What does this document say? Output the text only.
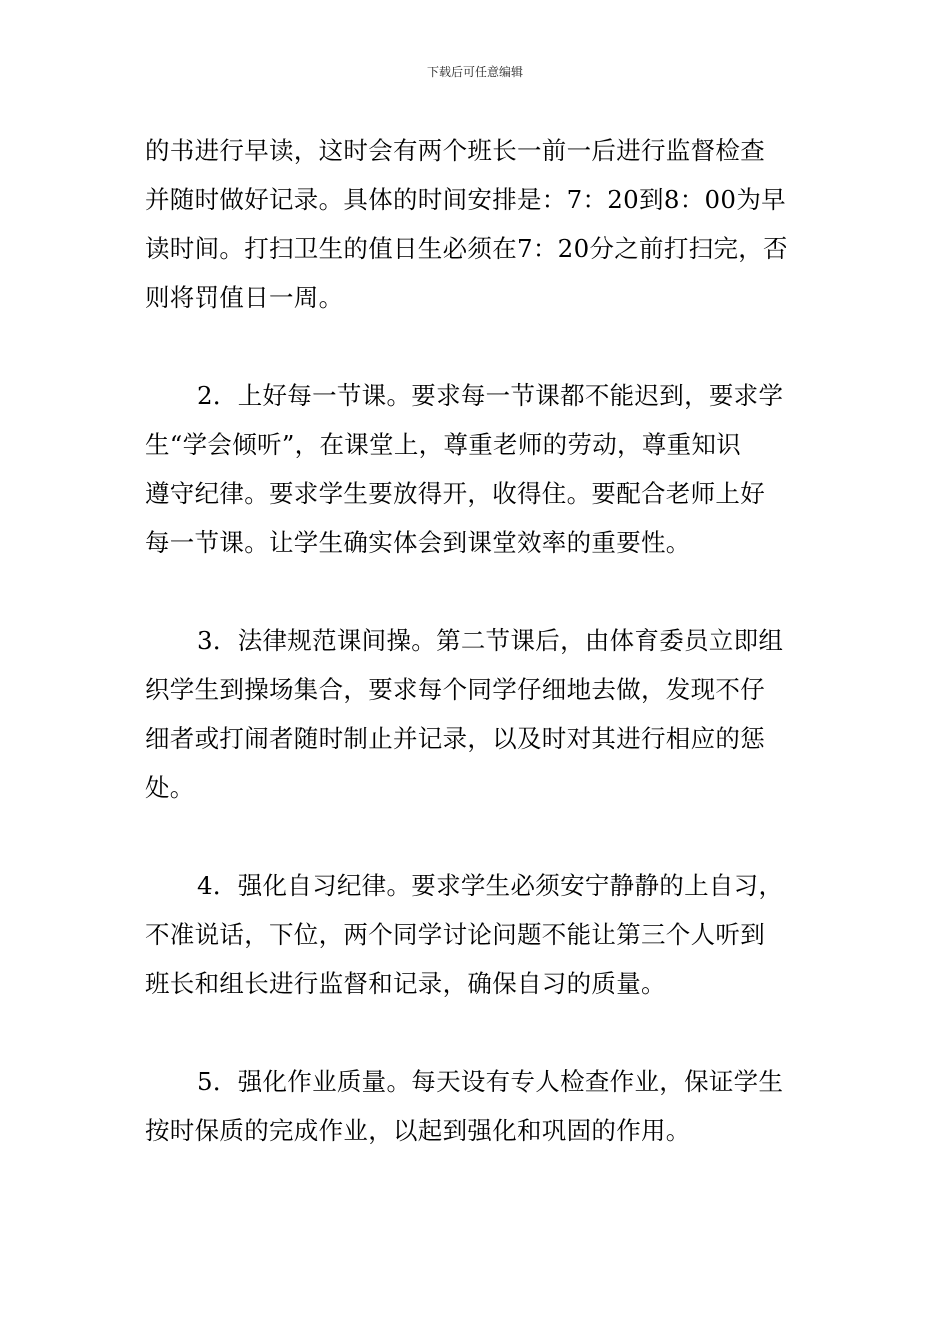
下载后可任意编辑

的书进行早读，这时会有两个班长一前一后进行监督检查
并随时做好记录。具体的时间安排是：7：20到8：00为早
读时间。打扫卫生的值日生必须在7：20分之前打扫完，否
则将罚值日一周。

2．上好每一节课。要求每一节课都不能迟到，要求学
生“学会倾听”，在课堂上，尊重老师的劳动，尊重知识
遵守纪律。要求学生要放得开，收得住。要配合老师上好
每一节课。让学生确实体会到课堂效率的重要性。

3．法律规范课间操。第二节课后，由体育委员立即组
织学生到操场集合，要求每个同学仔细地去做，发现不仔
细者或打闹者随时制止并记录，以及时对其进行相应的惩
处。

4．强化自习纪律。要求学生必须安宁静静的上自习，
不准说话，下位，两个同学讨论问题不能让第三个人听到
班长和组长进行监督和记录，确保自习的质量。

5．强化作业质量。每天设有专人检查作业，保证学生
按时保质的完成作业，以起到强化和巩固的作用。
